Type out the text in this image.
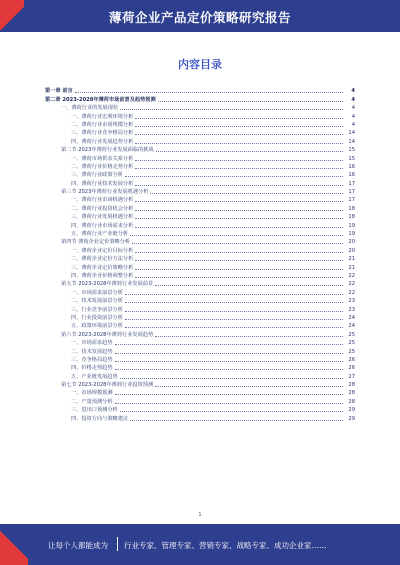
薄荷企业产品定价策略研究报告
内容目录
第一章 前言	4
第二章 2023-2028年薄荷市场前景及趋势预测	4
一、薄荷行业的发展现状	4
一、薄荷行业宏观环境分析	4
二、薄荷行业市场规模分析	4
三、薄荷行业竞争格局分析	14
四、薄荷行业发展趋势分析	14
第二节 2023年薄荷行业发展面临的挑战	15
一、薄荷市场供求关系分析	15
二、薄荷行业价格走势分析	16
三、薄荷行业政策分析	16
四、薄荷行业技术发展分析	17
第三节 2023年薄荷行业发展机遇分析	17
一、薄荷行业市场机遇分析	17
二、薄荷行业投资机会分析	18
三、薄荷行业发展机遇分析	18
四、薄荷行业市场需求分析	19
五、薄荷行业产业链分析	19
第四节 薄荷企业定价策略分析	20
一、薄荷企业定价目标分析	20
二、薄荷企业定价方法分析	21
三、薄荷企业定价策略分析	21
四、薄荷企业价格调整分析	22
第五节 2023-2028年薄荷行业发展前景	22
一、市场需求前景分析	22
二、技术发展前景分析	23
三、行业竞争前景分析	23
四、行业投资前景分析	24
五、政策环境前景分析	24
第六节 2023-2028年薄荷行业发展趋势	25
一、市场需求趋势	25
二、技术发展趋势	25
三、竞争格局趋势	26
四、价格走势趋势	26
五、产业链发展趋势	27
第七节 2023-2028年薄荷行业投资预测	28
一、市场规模预测	28
二、产量预测分析	28
三、进出口预测分析	29
四、投资方向与策略建议	29
1
让每个人都能成为 行业专家、管理专家、营销专家、战略专家、成功企业家……
